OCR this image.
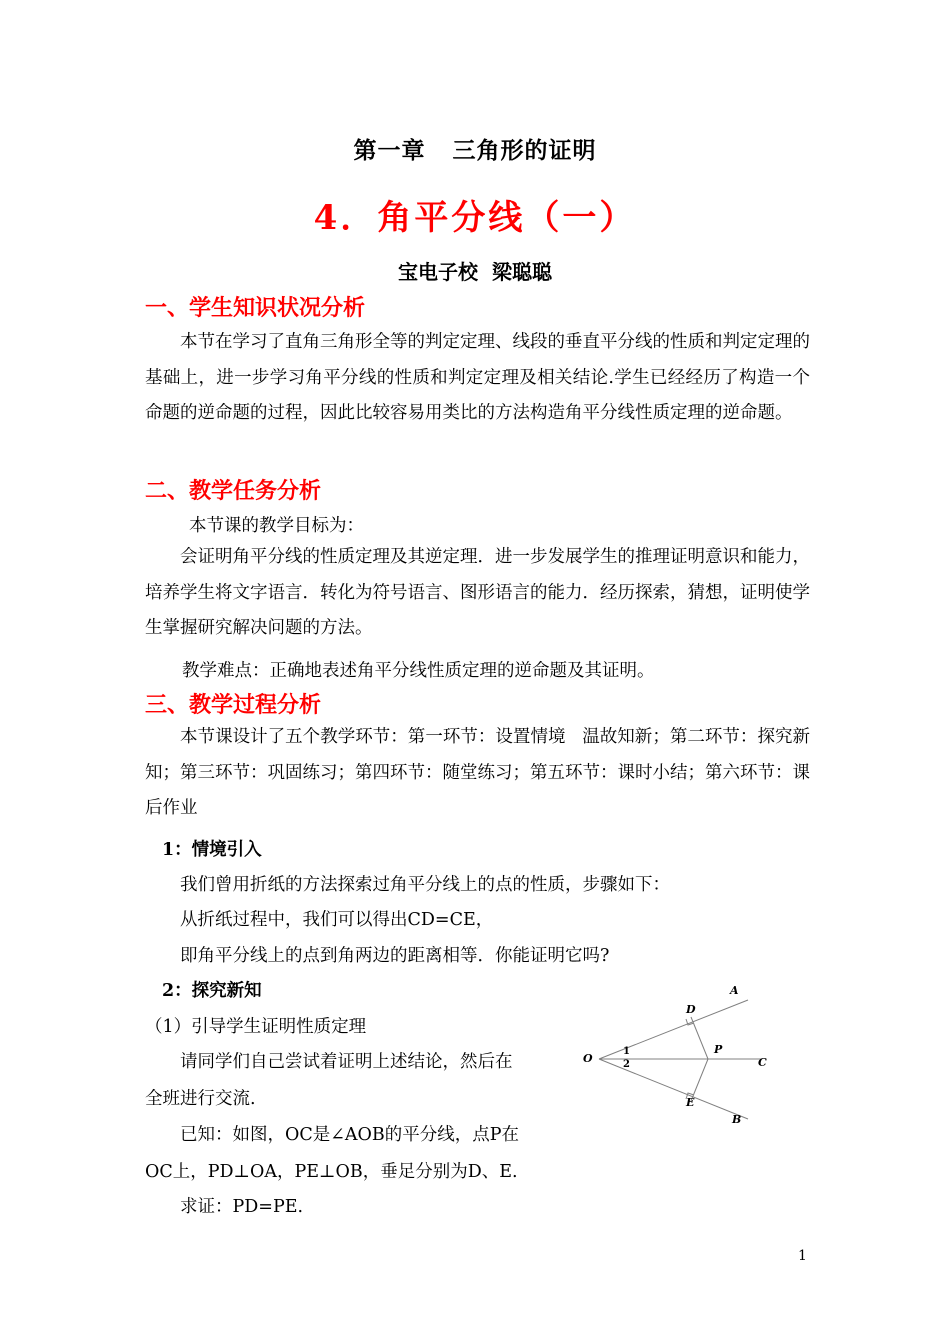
第一章   三角形的证明
4．角平分线（一）
宝电子校  梁聪聪
一、学生知识状况分析
本节在学习了直角三角形全等的判定定理、线段的垂直平分线的性质和判定定理的基础上，进一步学习角平分线的性质和判定定理及相关结论.学生已经经历了构造一个命题的逆命题的过程，因此比较容易用类比的方法构造角平分线性质定理的逆命题。
二、教学任务分析
本节课的教学目标为：
会证明角平分线的性质定理及其逆定理．进一步发展学生的推理证明意识和能力，培养学生将文字语言．转化为符号语言、图形语言的能力．经历探索，猜想，证明使学生掌握研究解决问题的方法。
教学难点：正确地表述角平分线性质定理的逆命题及其证明。
三、教学过程分析
本节课设计了五个教学环节：第一环节：设置情境   温故知新；第二环节：探究新知；第三环节：巩固练习；第四环节：随堂练习；第五环节：课时小结；第六环节：课后作业
1：情境引入
我们曾用折纸的方法探索过角平分线上的点的性质，步骤如下：
从折纸过程中，我们可以得出CD=CE，
即角平分线上的点到角两边的距离相等．你能证明它吗?
2：探究新知
（1）引导学生证明性质定理
请同学们自己尝试着证明上述结论，然后在
全班进行交流.
已知：如图，OC是∠AOB的平分线，点P在
OC上，PD⊥OA，PE⊥OB，垂足分别为D、E.
求证：PD=PE.
A
D
O
P
C
E
B
1
2
1
